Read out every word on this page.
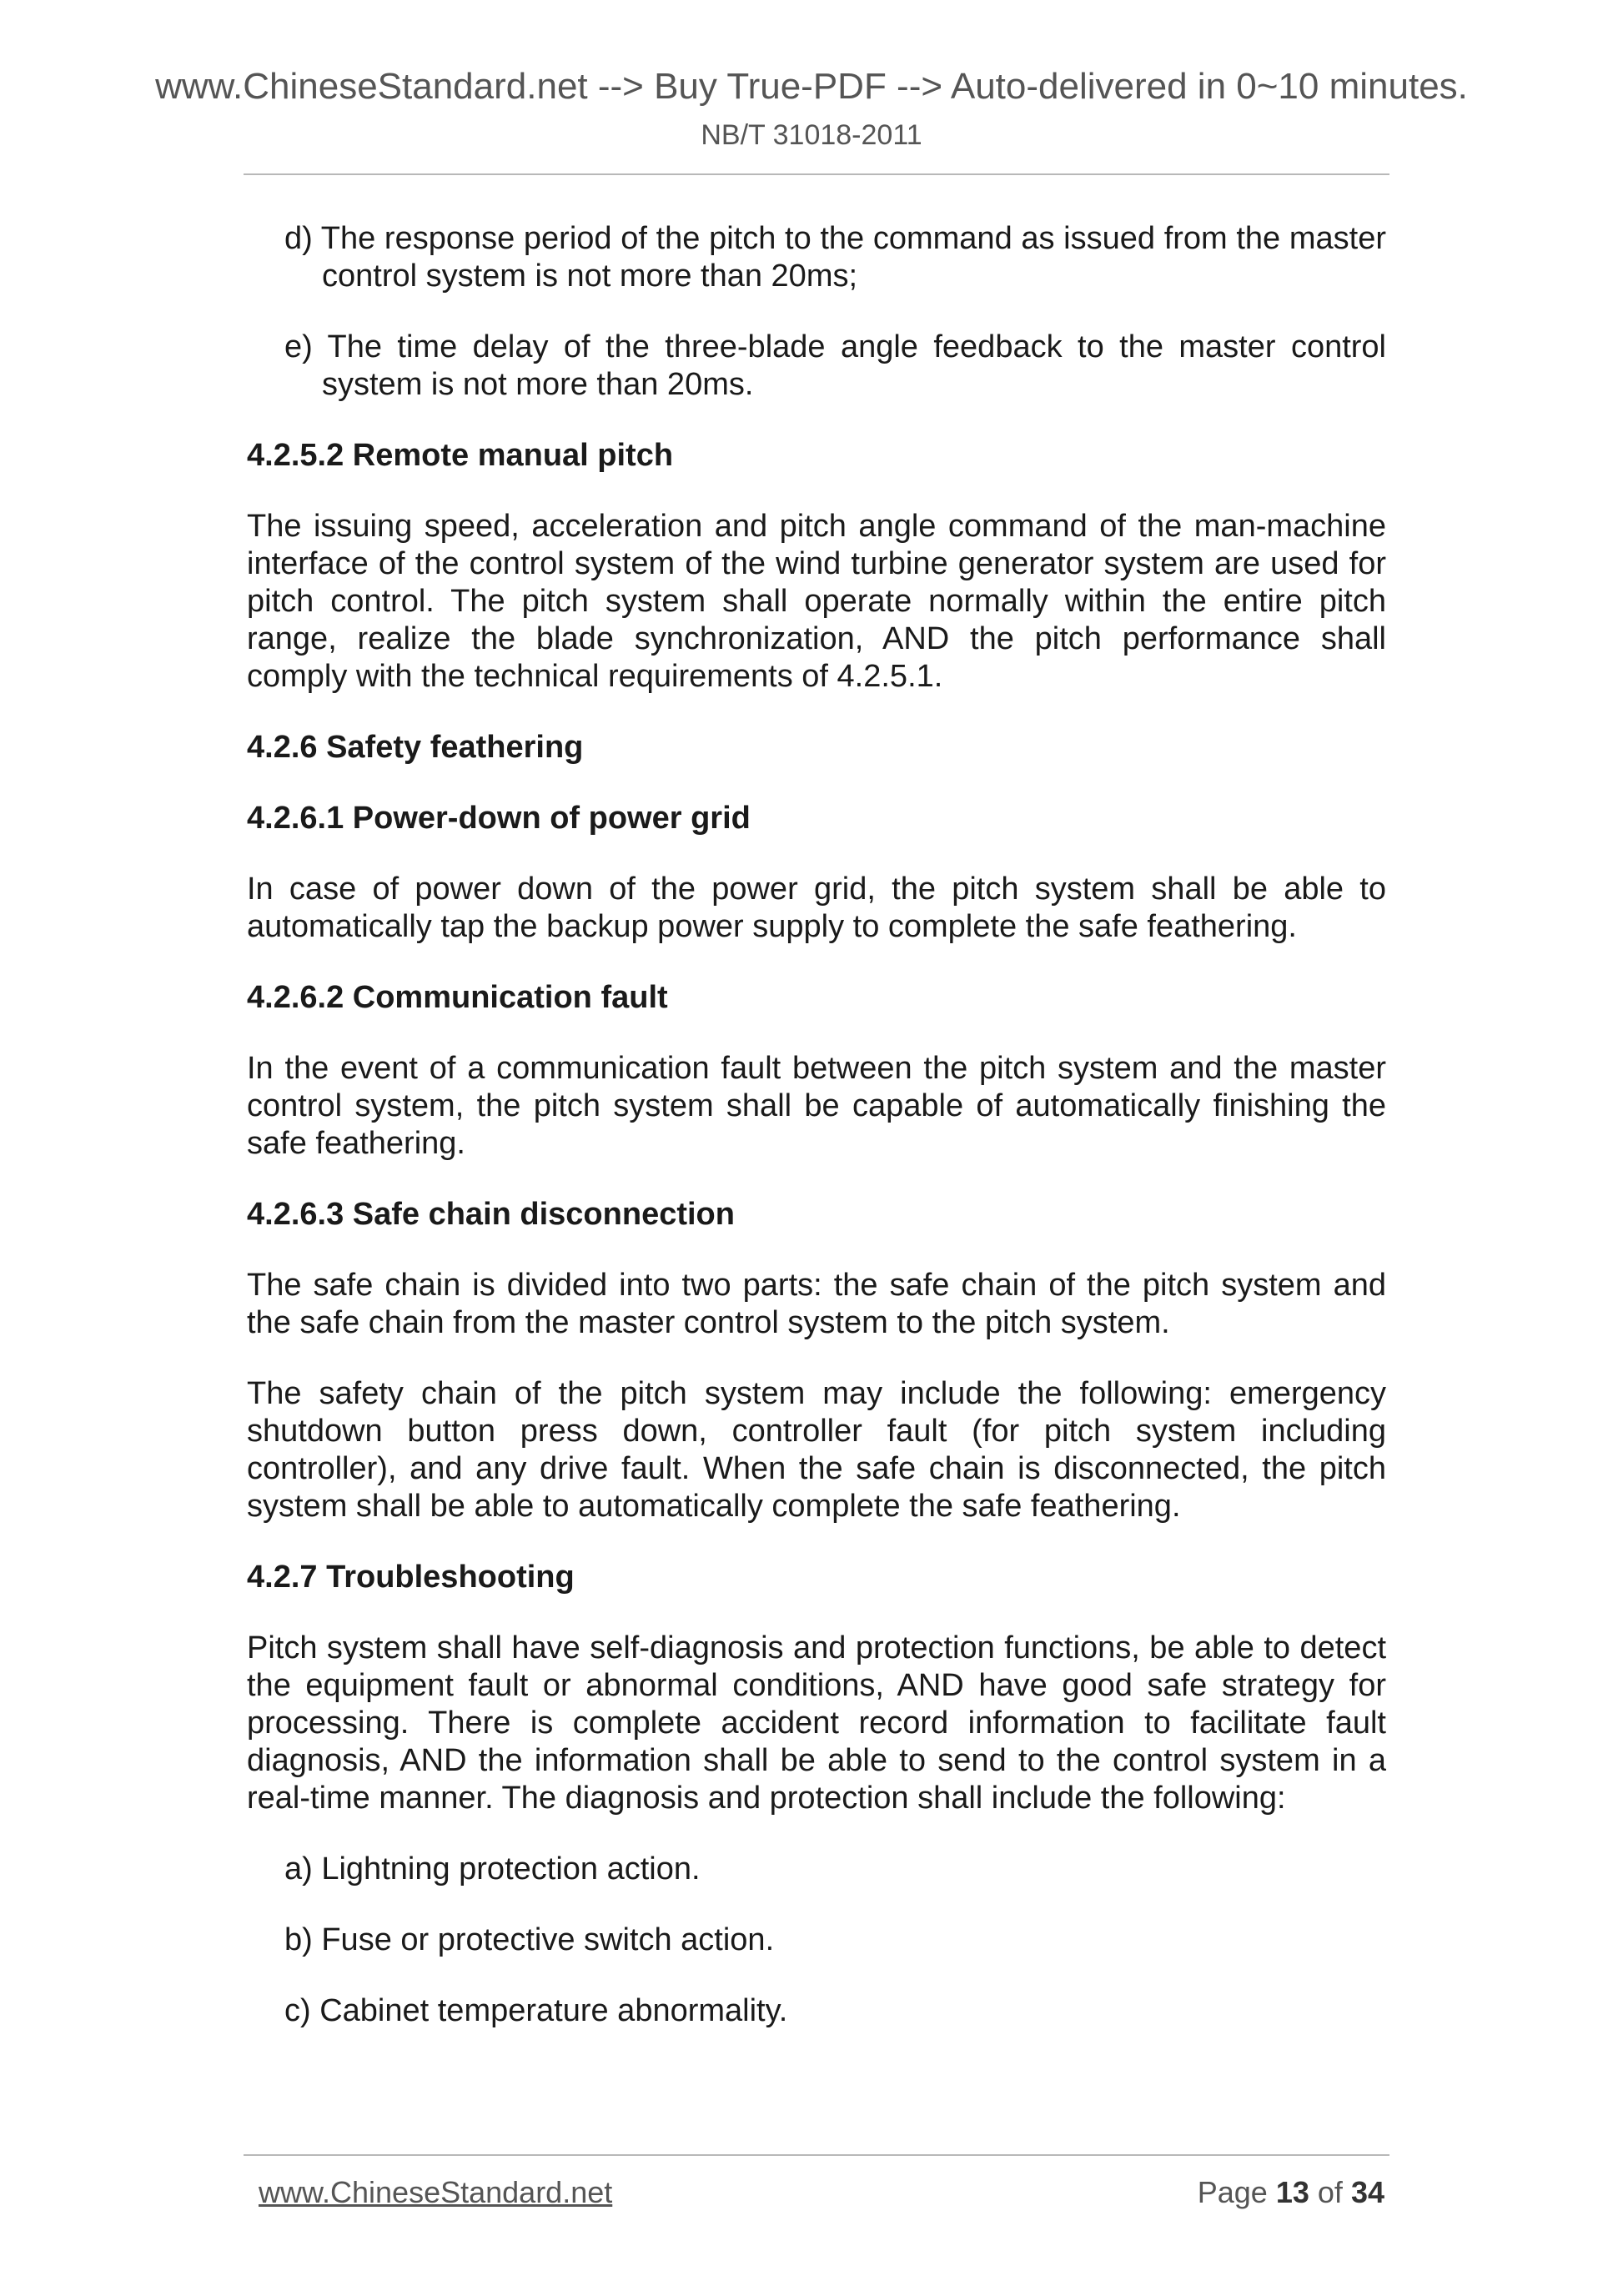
www.ChineseStandard.net --> Buy True-PDF --> Auto-delivered in 0~10 minutes.
NB/T 31018-2011

d) The response period of the pitch to the command as issued from the master control system is not more than 20ms;

e) The time delay of the three-blade angle feedback to the master control system is not more than 20ms.

4.2.5.2 Remote manual pitch

The issuing speed, acceleration and pitch angle command of the man-machine interface of the control system of the wind turbine generator system are used for pitch control. The pitch system shall operate normally within the entire pitch range, realize the blade synchronization, AND the pitch performance shall comply with the technical requirements of 4.2.5.1.

4.2.6 Safety feathering

4.2.6.1 Power-down of power grid

In case of power down of the power grid, the pitch system shall be able to automatically tap the backup power supply to complete the safe feathering.

4.2.6.2 Communication fault

In the event of a communication fault between the pitch system and the master control system, the pitch system shall be capable of automatically finishing the safe feathering.

4.2.6.3 Safe chain disconnection

The safe chain is divided into two parts: the safe chain of the pitch system and the safe chain from the master control system to the pitch system.

The safety chain of the pitch system may include the following: emergency shutdown button press down, controller fault (for pitch system including controller), and any drive fault. When the safe chain is disconnected, the pitch system shall be able to automatically complete the safe feathering.

4.2.7 Troubleshooting

Pitch system shall have self-diagnosis and protection functions, be able to detect the equipment fault or abnormal conditions, AND have good safe strategy for processing. There is complete accident record information to facilitate fault diagnosis, AND the information shall be able to send to the control system in a real-time manner. The diagnosis and protection shall include the following:

a) Lightning protection action.

b) Fuse or protective switch action.

c) Cabinet temperature abnormality.

www.ChineseStandard.net	Page 13 of 34
